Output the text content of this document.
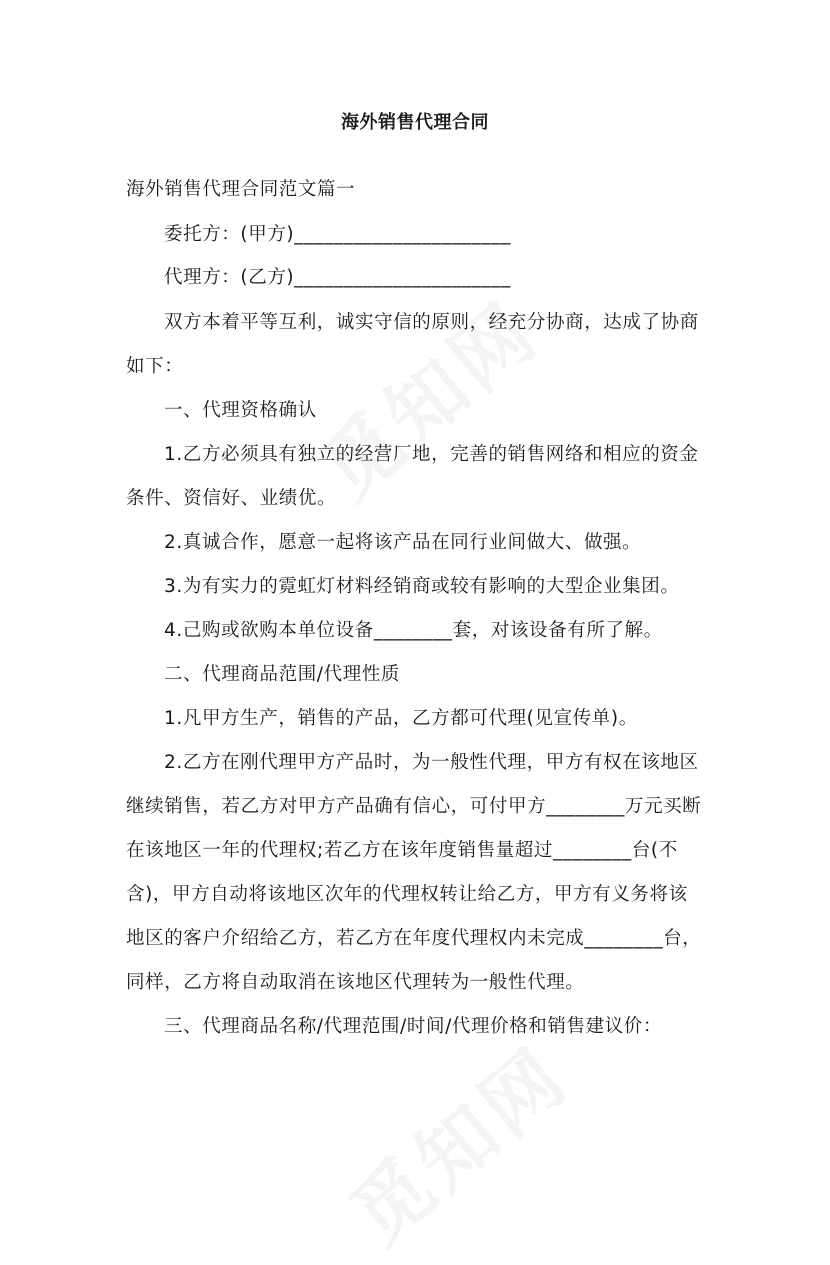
海外销售代理合同
海外销售代理合同范文篇一
委托方：(甲方)______________________
代理方：(乙方)______________________
双方本着平等互利，诚实守信的原则，经充分协商，达成了协商
如下：
一、代理资格确认
1.乙方必须具有独立的经营厂地，完善的销售网络和相应的资金
条件、资信好、业绩优。
2.真诚合作，愿意一起将该产品在同行业间做大、做强。
3.为有实力的霓虹灯材料经销商或较有影响的大型企业集团。
4.己购或欲购本单位设备________套，对该设备有所了解。
二、代理商品范围/代理性质
1.凡甲方生产，销售的产品，乙方都可代理(见宣传单)。
2.乙方在刚代理甲方产品时，为一般性代理，甲方有权在该地区
继续销售，若乙方对甲方产品确有信心，可付甲方________万元买断
在该地区一年的代理权;若乙方在该年度销售量超过________台(不
含)，甲方自动将该地区次年的代理权转让给乙方，甲方有义务将该
地区的客户介绍给乙方，若乙方在年度代理权内未完成________台，
同样，乙方将自动取消在该地区代理转为一般性代理。
三、代理商品名称/代理范围/时间/代理价格和销售建议价：
